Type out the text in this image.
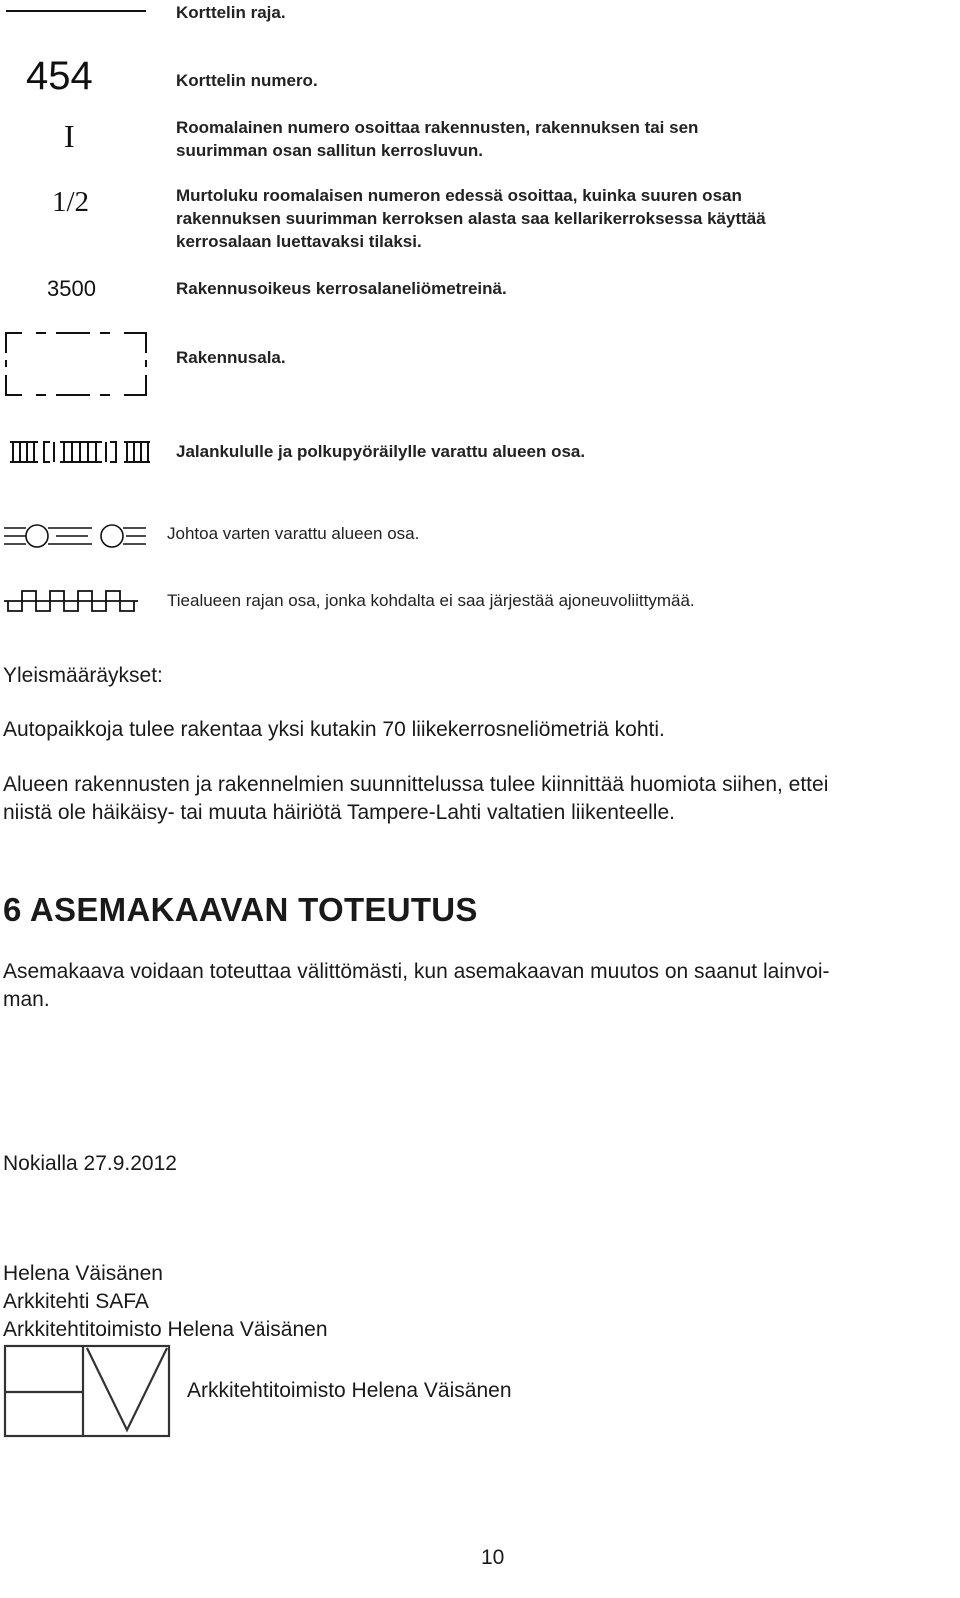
Korttelin raja.
454	Korttelin numero.
I	Roomalainen numero osoittaa rakennusten, rakennuksen tai sen suurimman osan sallitun kerrosluvun.
1/2	Murtoluku roomalaisen numeron edessä osoittaa, kuinka suuren osan rakennuksen suurimman kerroksen alasta saa kellarikerroksessa käyttää kerrosalaan luettavaksi tilaksi.
3500	Rakennusoikeus kerrosalaneliömetreinä.
Rakennusala.
Jalankululle ja polkupyöräilylle varattu alueen osa.
Johtoa varten varattu alueen osa.
Tiealueen rajan osa, jonka kohdalta ei saa järjestää ajoneuvoliittymää.
Yleismääräykset:
Autopaikkoja tulee rakentaa yksi kutakin 70 liikekerrosneliömetriä kohti.
Alueen rakennusten ja rakennelmien suunnittelussa tulee kiinnittää huomiota siihen, ettei
niistä ole häikäisy- tai muuta häiriötä Tampere-Lahti valtatien liikenteelle.
6 ASEMAKAAVAN TOTEUTUS
Asemakaava voidaan toteuttaa välittömästi, kun asemakaavan muutos on saanut lainvoi-
man.
Nokialla 27.9.2012
Helena Väisänen
Arkkitehti SAFA
Arkkitehtitoimisto Helena Väisänen
Arkkitehtitoimisto Helena Väisänen
10
